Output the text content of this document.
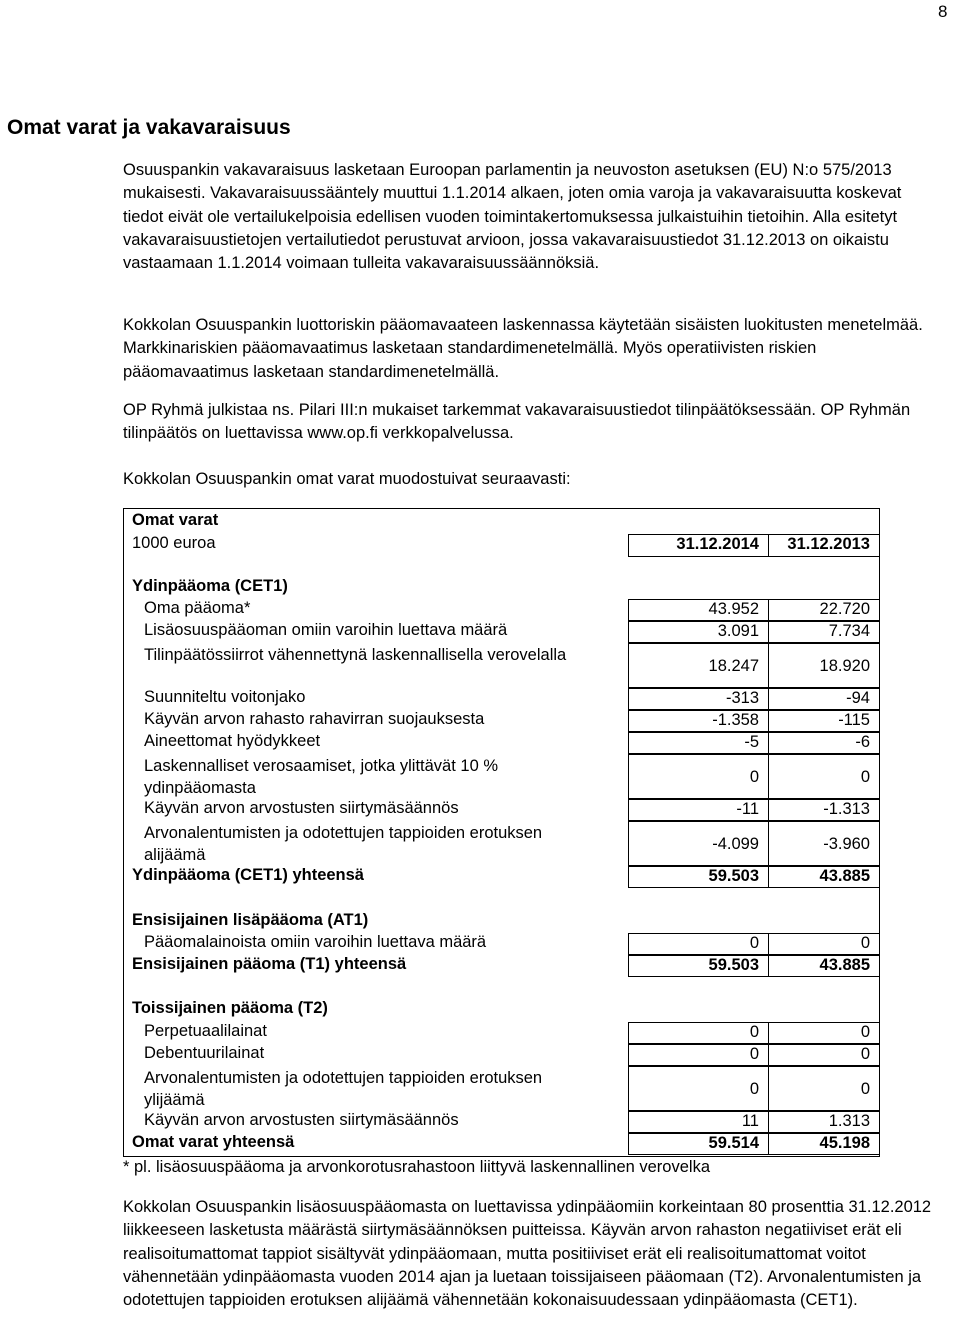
8
Omat varat ja vakavaraisuus

Osuuspankin vakavaraisuus lasketaan Euroopan parlamentin ja neuvoston asetuksen (EU) N:o 575/2013 mukaisesti. Vakavaraisuussääntely muuttui 1.1.2014 alkaen, joten omia varoja ja vakavaraisuutta koskevat tiedot eivät ole vertailukelpoisia edellisen vuoden toimintakertomuksessa julkaistuihin tietoihin. Alla esitetyt vakavaraisuustietojen vertailutiedot perustuvat arvioon, jossa vakavaraisuustiedot 31.12.2013 on oikaistu vastaamaan 1.1.2014 voimaan tulleita vakavaraisuussäännöksiä.

Kokkolan Osuuspankin luottoriskin pääomavaateen laskennassa käytetään sisäisten luokitusten menetelmää. Markkinariskien pääomavaatimus lasketaan standardimenetelmällä. Myös operatiivisten riskien pääomavaatimus lasketaan standardimenetelmällä.

OP Ryhmä julkistaa ns. Pilari III:n mukaiset tarkemmat vakavaraisuustiedot tilinpäätöksessään. OP Ryhmän tilinpäätös on luettavissa www.op.fi verkkopalvelussa.

Kokkolan Osuuspankin omat varat muodostuivat seuraavasti:

Omat varat
1000 euroa	31.12.2014	31.12.2013
Ydinpääoma (CET1)
Oma pääoma*	43.952	22.720
Lisäosuuspääoman omiin varoihin luettava määrä	3.091	7.734
Tilinpäätössiirrot vähennettynä laskennallisella verovelalla
18.247	18.920
Suunniteltu voitonjako	-313	-94
Käyvän arvon rahasto rahavirran suojauksesta	-1.358	-115
Aineettomat hyödykkeet	-5	-6
Laskennalliset verosaamiset, jotka ylittävät 10 % ydinpääomasta
0	0
Käyvän arvon arvostusten siirtymäsäännös	-11	-1.313
Arvonalentumisten ja odotettujen tappioiden erotuksen alijäämä
-4.099	-3.960
Ydinpääoma (CET1) yhteensä	59.503	43.885
Ensisijainen lisäpääoma (AT1)
Pääomalainoista omiin varoihin luettava määrä	0	0
Ensisijainen pääoma (T1) yhteensä	59.503	43.885
Toissijainen pääoma (T2)
Perpetuaalilainat	0	0
Debentuurilainat	0	0
Arvonalentumisten ja odotettujen tappioiden erotuksen ylijäämä
0	0
Käyvän arvon arvostusten siirtymäsäännös	11	1.313
Omat varat yhteensä	59.514	45.198
* pl. lisäosuuspääoma ja arvonkorotusrahastoon liittyvä laskennallinen verovelka

Kokkolan Osuuspankin lisäosuuspääomasta on luettavissa ydinpääomiin korkeintaan 80 prosenttia 31.12.2012 liikkeeseen lasketusta määrästä siirtymäsäännöksen puitteissa. Käyvän arvon rahaston negatiiviset erät eli realisoitumattomat tappiot sisältyvät ydinpääomaan, mutta positiiviset erät eli realisoitumattomat voitot vähennetään ydinpääomasta vuoden 2014 ajan ja luetaan toissijaiseen pääomaan (T2). Arvonalentumisten ja odotettujen tappioiden erotuksen alijäämä vähennetään kokonaisuudessaan ydinpääomasta (CET1).
